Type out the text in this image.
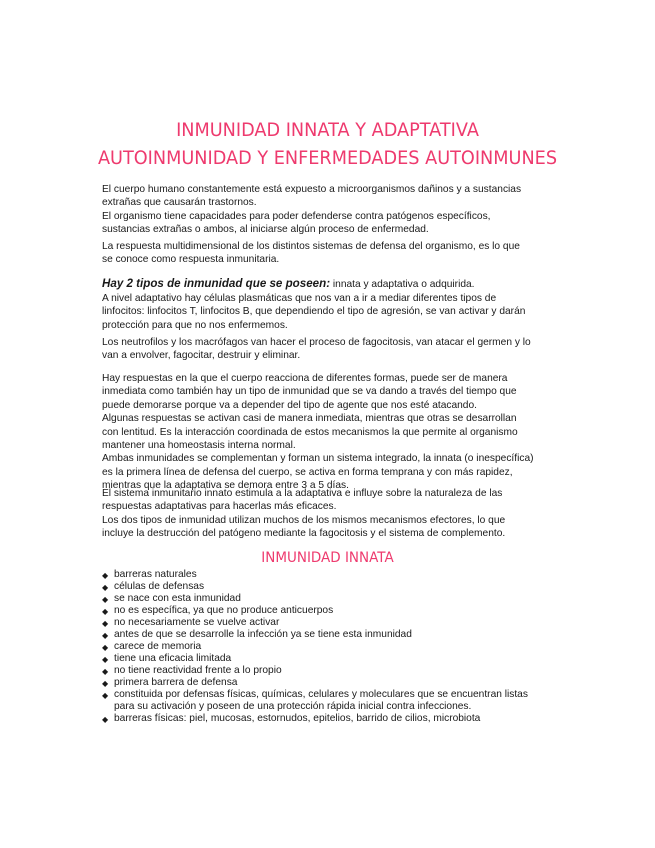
INMUNIDAD INNATA Y ADAPTATIVA
AUTOINMUNIDAD Y ENFERMEDADES AUTOINMUNES

El cuerpo humano constantemente está expuesto a microorganismos dañinos y a sustancias
extrañas que causarán trastornos.
El organismo tiene capacidades para poder defenderse contra patógenos específicos,
sustancias extrañas o ambos, al iniciarse algún proceso de enfermedad.

La respuesta multidimensional de los distintos sistemas de defensa del organismo, es lo que
se conoce como respuesta inmunitaria.

Hay 2 tipos de inmunidad que se poseen: innata y adaptativa o adquirida.

A nivel adaptativo hay células plasmáticas que nos van a ir a mediar diferentes tipos de
linfocitos: linfocitos T, linfocitos B, que dependiendo el tipo de agresión, se van activar y darán
protección para que no nos enfermemos.

Los neutrofilos y los macrófagos van hacer el proceso de fagocitosis, van atacar el germen y lo
van a envolver, fagocitar, destruir y eliminar.

Hay respuestas en la que el cuerpo reacciona de diferentes formas, puede ser de manera
inmediata como también hay un tipo de inmunidad que se va dando a través del tiempo que
puede demorarse porque va a depender del tipo de agente que nos esté atacando.
Algunas respuestas se activan casi de manera inmediata, mientras que otras se desarrollan
con lentitud. Es la interacción coordinada de estos mecanismos la que permite al organismo
mantener una homeostasis interna normal.
Ambas inmunidades se complementan y forman un sistema integrado, la innata (o inespecífica)
es la primera línea de defensa del cuerpo, se activa en forma temprana y con más rapidez,
mientras que la adaptativa se demora entre 3 a 5 días.

El sistema inmunitario innato estimula a la adaptativa e influye sobre la naturaleza de las
respuestas adaptativas para hacerlas más eficaces.
Los dos tipos de inmunidad utilizan muchos de los mismos mecanismos efectores, lo que
incluye la destrucción del patógeno mediante la fagocitosis y el sistema de complemento.

INMUNIDAD INNATA
◆ barreras naturales
◆ células de defensas
◆ se nace con esta inmunidad
◆ no es específica, ya que no produce anticuerpos
◆ no necesariamente se vuelve activar
◆ antes de que se desarrolle la infección ya se tiene esta inmunidad
◆ carece de memoria
◆ tiene una eficacia limitada
◆ no tiene reactividad frente a lo propio
◆ primera barrera de defensa
◆ constituida por defensas físicas, químicas, celulares y moleculares que se encuentran listas
para su activación y poseen de una protección rápida inicial contra infecciones.
◆ barreras físicas: piel, mucosas, estornudos, epitelios, barrido de cilios, microbiota
